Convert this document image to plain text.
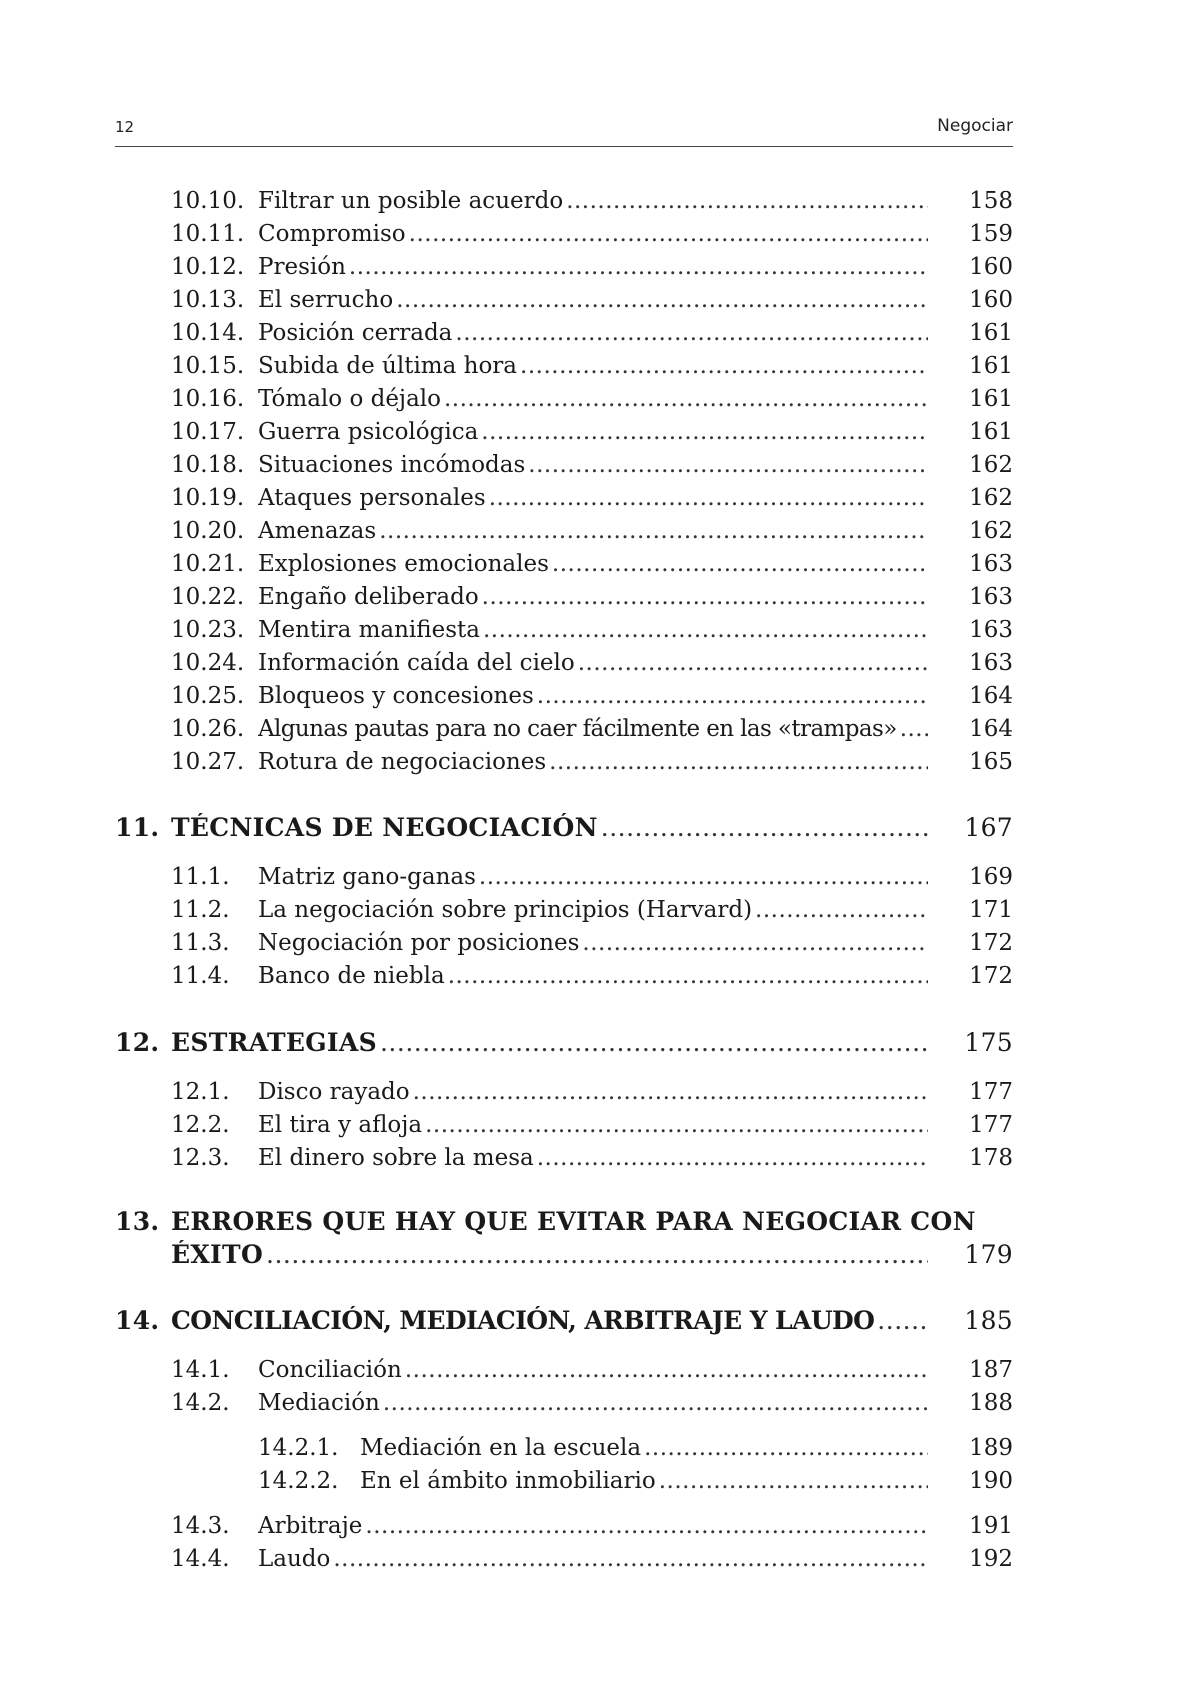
12	Negociar
10.10. Filtrar un posible acuerdo .....	158
10.11. Compromiso .....	159
10.12. Presión .....	160
10.13. El serrucho .....	160
10.14. Posición cerrada .....	161
10.15. Subida de última hora .....	161
10.16. Tómalo o déjalo .....	161
10.17. Guerra psicológica .....	161
10.18. Situaciones incómodas .....	162
10.19. Ataques personales .....	162
10.20. Amenazas .....	162
10.21. Explosiones emocionales .....	163
10.22. Engaño deliberado .....	163
10.23. Mentira manifiesta .....	163
10.24. Información caída del cielo .....	163
10.25. Bloqueos y concesiones .....	164
10.26. Algunas pautas para no caer fácilmente en las «trampas» .....	164
10.27. Rotura de negociaciones .....	165
11. TÉCNICAS DE NEGOCIACIÓN .....	167
11.1. Matriz gano-ganas .....	169
11.2. La negociación sobre principios (Harvard) .....	171
11.3. Negociación por posiciones .....	172
11.4. Banco de niebla .....	172
12. ESTRATEGIAS .....	175
12.1. Disco rayado .....	177
12.2. El tira y afloja .....	177
12.3. El dinero sobre la mesa .....	178
13. ERRORES QUE HAY QUE EVITAR PARA NEGOCIAR CON
ÉXITO .....	179
14. CONCILIACIÓN, MEDIACIÓN, ARBITRAJE Y LAUDO .....	185
14.1. Conciliación .....	187
14.2. Mediación .....	188
14.2.1. Mediación en la escuela .....	189
14.2.2. En el ámbito inmobiliario .....	190
14.3. Arbitraje .....	191
14.4. Laudo .....	192
